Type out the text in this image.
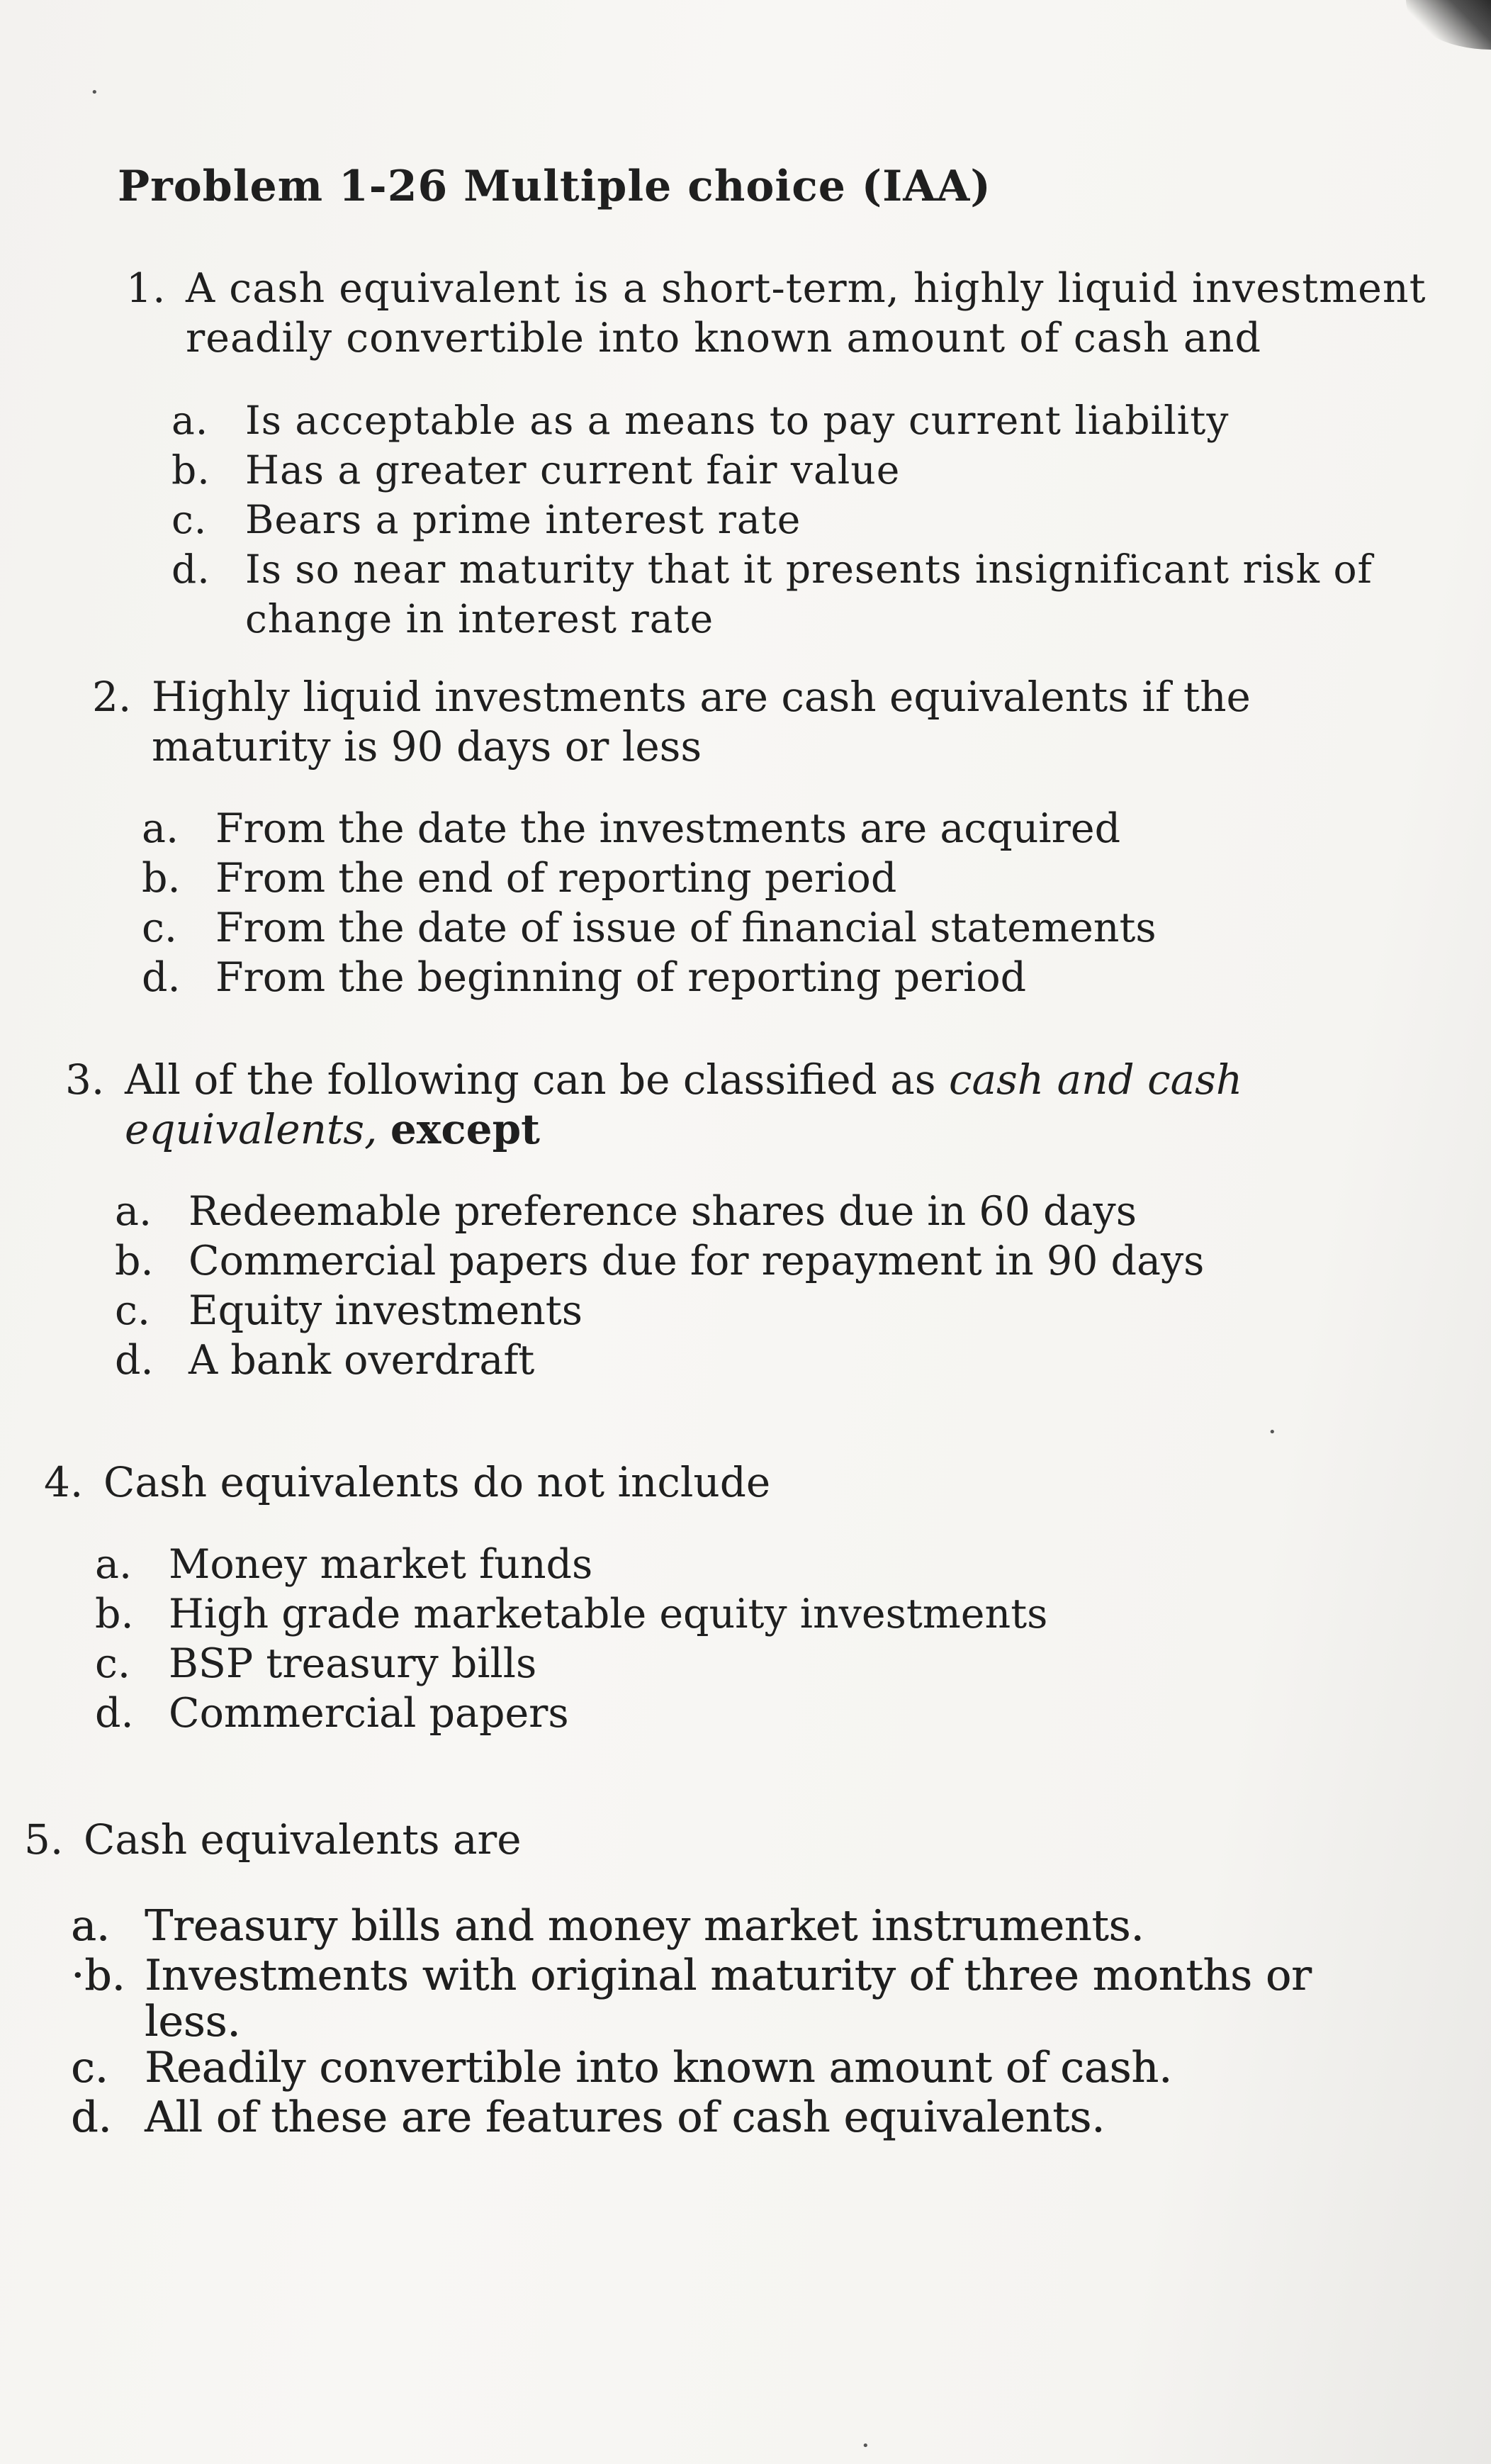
Problem 1-26 Multiple choice (IAA)
1. A cash equivalent is a short-term, highly liquid investment
readily convertible into known amount of cash and
a. Is acceptable as a means to pay current liability
b. Has a greater current fair value
c. Bears a prime interest rate
d. Is so near maturity that it presents insignificant risk of
change in interest rate
2. Highly liquid investments are cash equivalents if the
maturity is 90 days or less
a. From the date the investments are acquired
b. From the end of reporting period
c. From the date of issue of financial statements
d. From the beginning of reporting period
3. All of the following can be classified as cash and cash
equivalents, except
a. Redeemable preference shares due in 60 days
b. Commercial papers due for repayment in 90 days
c. Equity investments
d. A bank overdraft
4. Cash equivalents do not include
a. Money market funds
b. High grade marketable equity investments
c. BSP treasury bills
d. Commercial papers
5. Cash equivalents are
a. Treasury bills and money market instruments.
·b. Investments with original maturity of three months or
less.
c. Readily convertible into known amount of cash.
d. All of these are features of cash equivalents.
•
•
•
